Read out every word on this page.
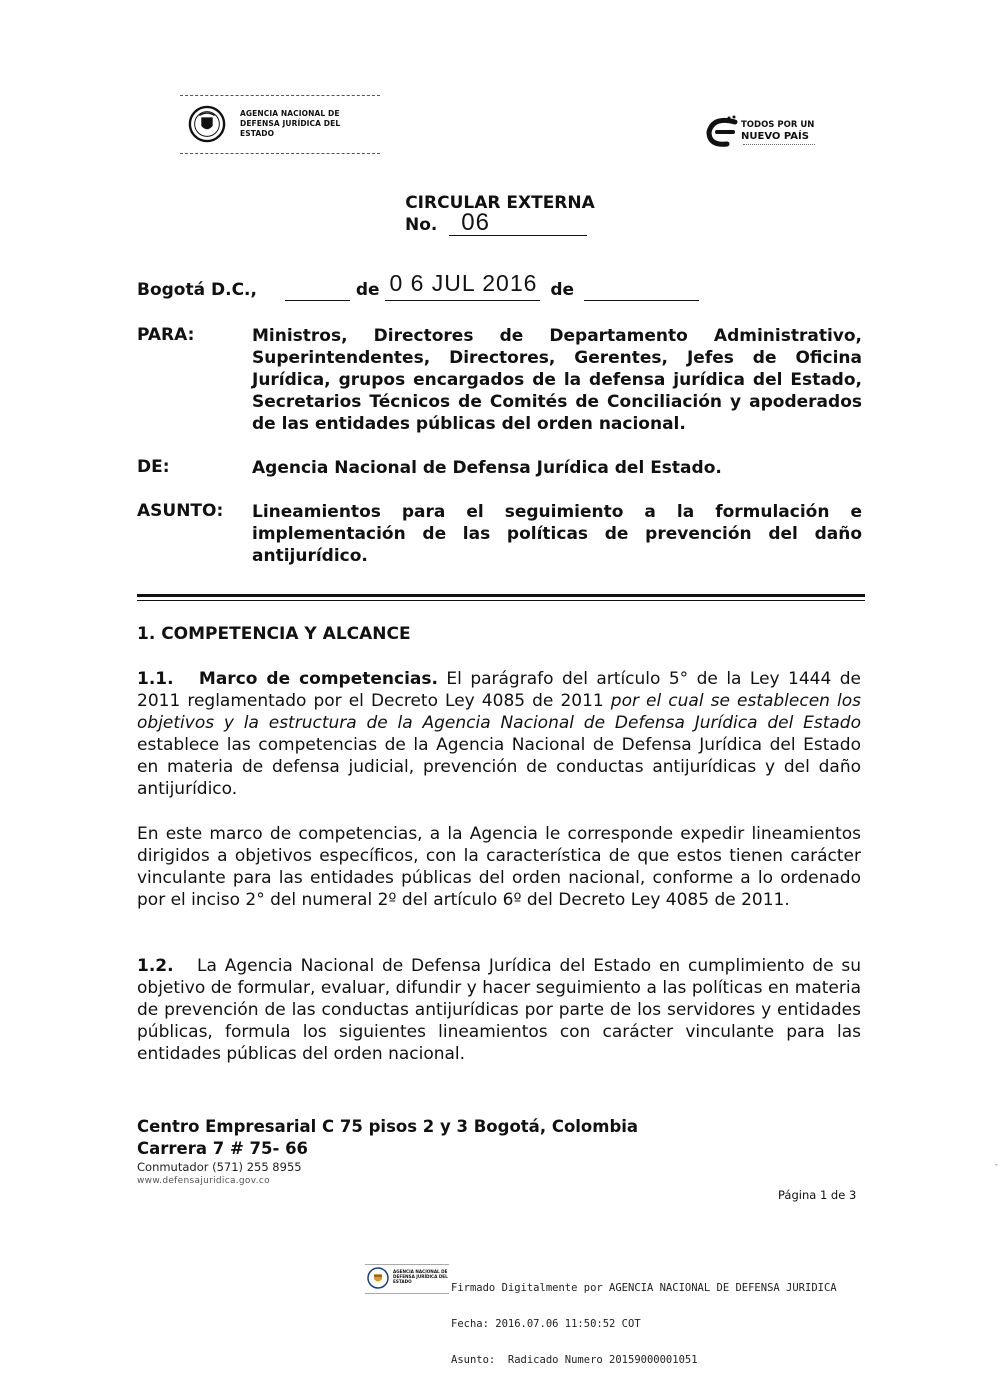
AGENCIA NACIONAL DE
DEFENSA JURÍDICA DEL
ESTADO
TODOS POR UN
NUEVO PAÍS
CIRCULAR EXTERNA
No. 06

Bogotá D.C.,	de 0 6 JUL 2016 de
PARA:	Ministros, Directores de Departamento Administrativo, Superintendentes, Directores, Gerentes, Jefes de Oficina Jurídica, grupos encargados de la defensa jurídica del Estado, Secretarios Técnicos de Comités de Conciliación y apoderados de las entidades públicas del orden nacional.
DE:	Agencia Nacional de Defensa Jurídica del Estado.
ASUNTO: Lineamientos para el seguimiento a la formulación e implementación de las políticas de prevención del daño antijurídico.
1. COMPETENCIA Y ALCANCE
1.1. Marco de competencias. El parágrafo del artículo 5° de la Ley 1444 de 2011 reglamentado por el Decreto Ley 4085 de 2011 por el cual se establecen los objetivos y la estructura de la Agencia Nacional de Defensa Jurídica del Estado establece las competencias de la Agencia Nacional de Defensa Jurídica del Estado en materia de defensa judicial, prevención de conductas antijurídicas y del daño antijurídico.
En este marco de competencias, a la Agencia le corresponde expedir lineamientos dirigidos a objetivos específicos, con la característica de que estos tienen carácter vinculante para las entidades públicas del orden nacional, conforme a lo ordenado por el inciso 2° del numeral 2º del artículo 6º del Decreto Ley 4085 de 2011.
1.2. La Agencia Nacional de Defensa Jurídica del Estado en cumplimiento de su objetivo de formular, evaluar, difundir y hacer seguimiento a las políticas en materia de prevención de las conductas antijurídicas por parte de los servidores y entidades públicas, formula los siguientes lineamientos con carácter vinculante para las entidades públicas del orden nacional.
Centro Empresarial C 75 pisos 2 y 3 Bogotá, Colombia
Carrera 7 # 75- 66
Conmutador (571) 255 8955
www.defensajuridica.gov.co
Página 1 de 3
-
AGENCIA NACIONAL DE
DEFENSA JURÍDICA DEL
ESTADO

Firmado Digitalmente por AGENCIA NACIONAL DE DEFENSA JURIDICA

Fecha: 2016.07.06 11:50:52 COT

Asunto:  Radicado Numero 20159000001051
